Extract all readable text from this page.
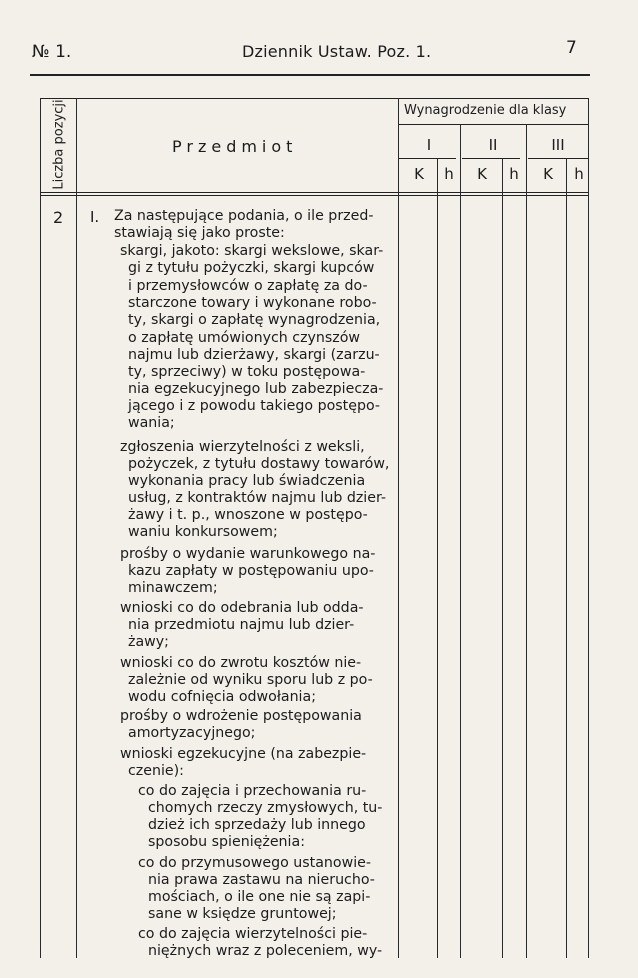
№ 1.	Dziennik Ustaw. Poz. 1.	7
Liczba pozycji	Przedmiot
Wynagrodzenie dla klasy
I	II	III
K	h	K	h	K	h
2 I. Za następujące podania, o ile przed-
stawiają się jako proste:
skargi, jakoto: skargi wekslowe, skar-
gi z tytułu pożyczki, skargi kupców
i przemysłowców o zapłatę za do-
starczone towary i wykonane robo-
ty, skargi o zapłatę wynagrodzenia,
o zapłatę umówionych czynszów
najmu lub dzierżawy, skargi (zarzu-
ty, sprzeciwy) w toku postępowa-
nia egzekucyjnego lub zabezpiecza-
jącego i z powodu takiego postępo-
wania;
zgłoszenia wierzytelności z weksli,
pożyczek, z tytułu dostawy towarów,
wykonania pracy lub świadczenia
usług, z kontraktów najmu lub dzier-
żawy i t. p., wnoszone w postępo-
waniu konkursowem;
prośby o wydanie warunkowego na-
kazu zapłaty w postępowaniu upo-
minawczem;
wnioski co do odebrania lub odda-
nia przedmiotu najmu lub dzier-
żawy;
wnioski co do zwrotu kosztów nie-
zależnie od wyniku sporu lub z po-
wodu cofnięcia odwołania;
prośby o wdrożenie postępowania
amortyzacyjnego;
wnioski egzekucyjne (na zabezpie-
czenie):
co do zajęcia i przechowania ru-
chomych rzeczy zmysłowych, tu-
dzież ich sprzedaży lub innego
sposobu spieniężenia:
co do przymusowego ustanowie-
nia prawa zastawu na nierucho-
mościach, o ile one nie są zapi-
sane w księdze gruntowej;
co do zajęcia wierzytelności pie-
niężnych wraz z poleceniem, wy-
